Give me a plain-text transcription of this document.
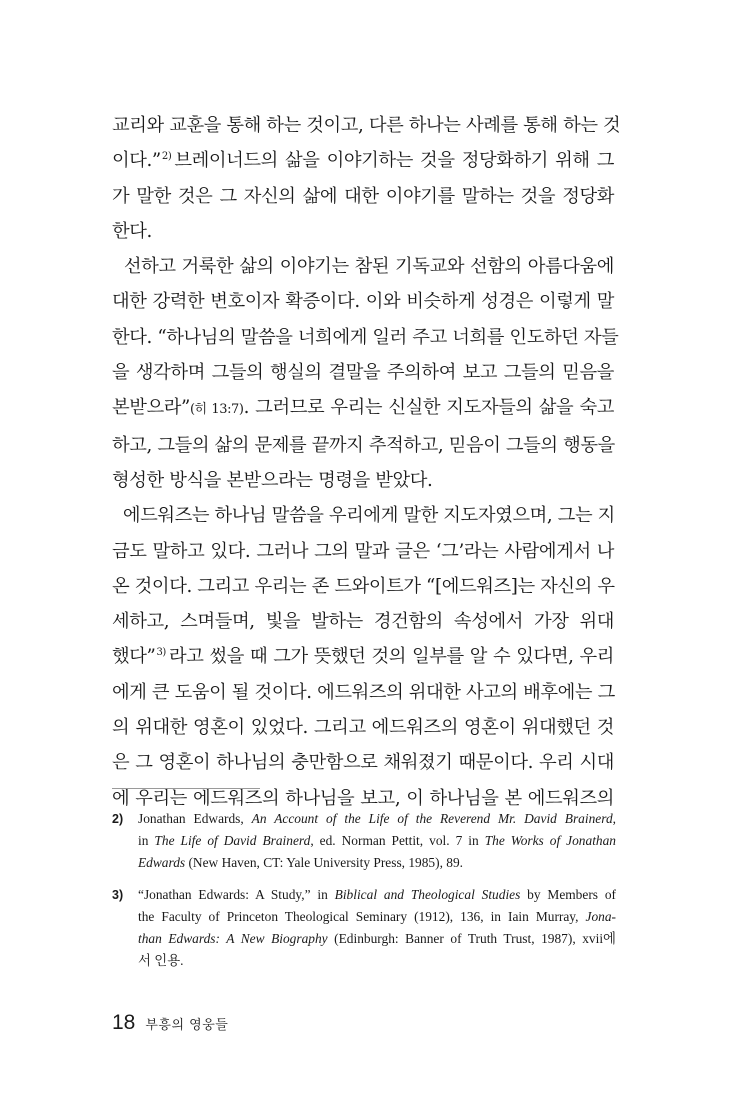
교리와 교훈을 통해 하는 것이고, 다른 하나는 사례를 통해 하는 것
이다.”$^{2)}$ 브레이너드의 삶을 이야기하는 것을 정당화하기 위해 그
가 말한 것은 그 자신의 삶에 대한 이야기를 말하는 것을 정당화
한다.
선하고 거룩한 삶의 이야기는 참된 기독교와 선함의 아름다움에
대한 강력한 변호이자 확증이다. 이와 비슷하게 성경은 이렇게 말
한다. “하나님의 말씀을 너희에게 일러 주고 너희를 인도하던 자들
을 생각하며 그들의 행실의 결말을 주의하여 보고 그들의 믿음을
본받으라”(히 13:7). 그러므로 우리는 신실한 지도자들의 삶을 숙고
하고, 그들의 삶의 문제를 끝까지 추적하고, 믿음이 그들의 행동을
형성한 방식을 본받으라는 명령을 받았다.
에드워즈는 하나님 말씀을 우리에게 말한 지도자였으며, 그는 지
금도 말하고 있다. 그러나 그의 말과 글은 ‘그’라는 사람에게서 나
온 것이다. 그리고 우리는 존 드와이트가 “[에드워즈]는 자신의 우
세하고, 스며들며, 빛을 발하는 경건함의 속성에서 가장 위대
했다”$^{3)}$ 라고 썼을 때 그가 뜻했던 것의 일부를 알 수 있다면, 우리
에게 큰 도움이 될 것이다. 에드워즈의 위대한 사고의 배후에는 그
의 위대한 영혼이 있었다. 그리고 에드워즈의 영혼이 위대했던 것
은 그 영혼이 하나님의 충만함으로 채워졌기 때문이다. 우리 시대
에 우리는 에드워즈의 하나님을 보고, 이 하나님을 본 에드워즈의
2)	Jonathan Edwards, An Account of the Life of the Reverend Mr. David Brainerd,
in The Life of David Brainerd, ed. Norman Pettit, vol. 7 in The Works of Jonathan
Edwards (New Haven, CT: Yale University Press, 1985), 89.
3)	“Jonathan Edwards: A Study,” in Biblical and Theological Studies by Members of
the Faculty of Princeton Theological Seminary (1912), 136, in Iain Murray, Jona-
than Edwards: A New Biography (Edinburgh: Banner of Truth Trust, 1987), xvii에
서 인용.
18 부흥의 영웅들
